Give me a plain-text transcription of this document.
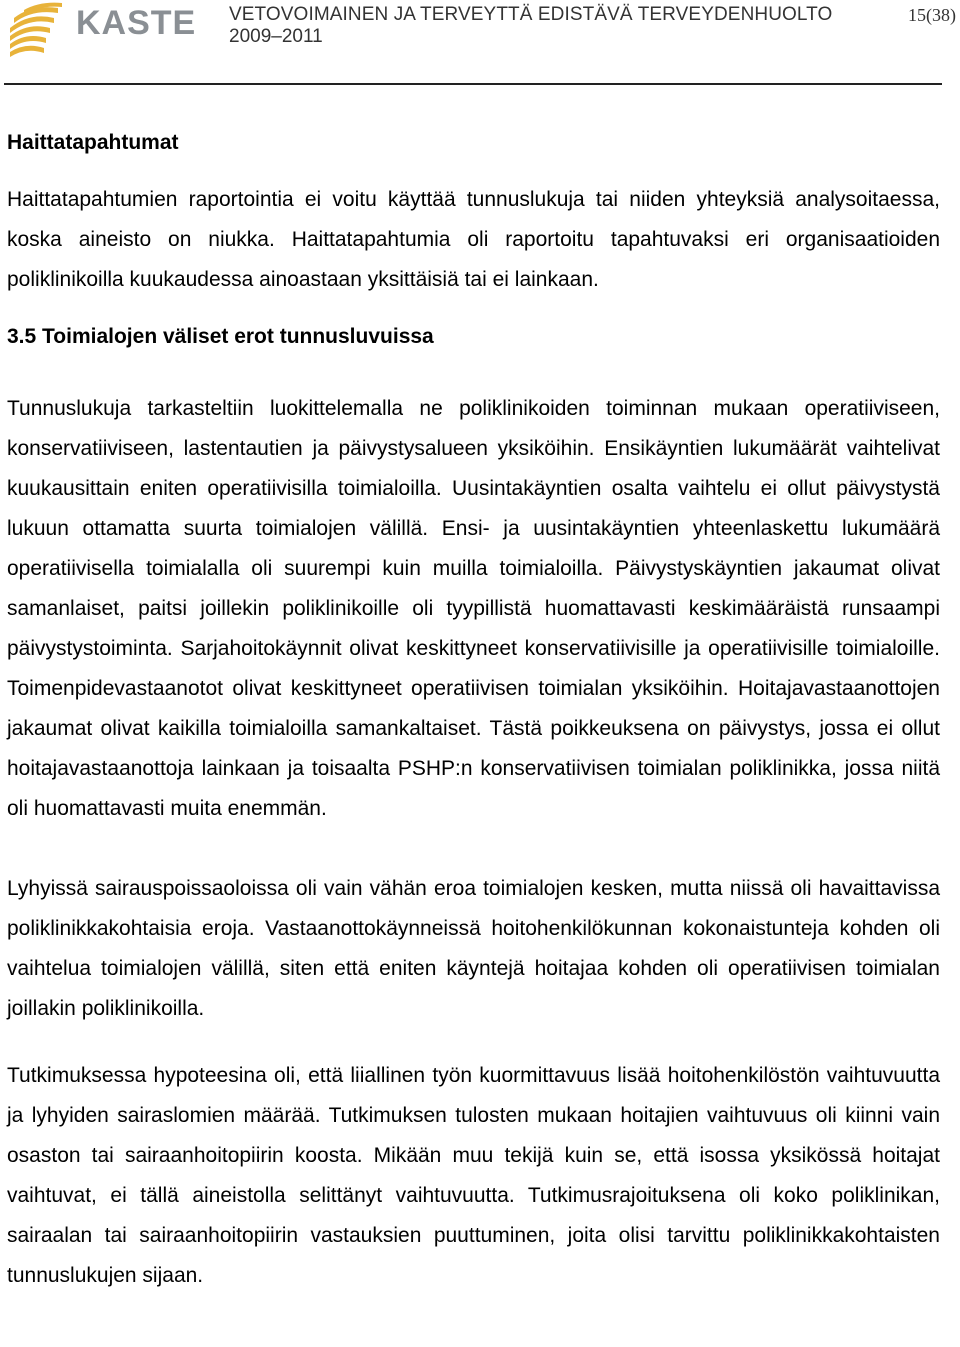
KASTE VETOVOIMAINEN JA TERVEYTTÄ EDISTÄVÄ TERVEYDENHUOLTO
2009–2011
15(38)
Haittatapahtumat

Haittatapahtumien raportointia ei voitu käyttää tunnuslukuja tai niiden yhteyksiä analysoitaessa, koska aineisto on niukka. Haittatapahtumia oli raportoitu tapahtuvaksi eri organisaatioiden poliklinikoilla kuukaudessa ainoastaan yksittäisiä tai ei lainkaan.

3.5 Toimialojen väliset erot tunnusluvuissa

Tunnuslukuja tarkasteltiin luokittelemalla ne poliklinikoiden toiminnan mukaan operatiiviseen, konservatiiviseen, lastentautien ja päivystysalueen yksiköihin. Ensikäyntien lukumäärät vaihtelivat kuukausittain eniten operatiivisilla toimialoilla. Uusintakäyntien osalta vaihtelu ei ollut päivystystä lukuun ottamatta suurta toimialojen välillä. Ensi- ja uusintakäyntien yhteenlaskettu lukumäärä operatiivisella toimialalla oli suurempi kuin muilla toimialoilla. Päivystyskäyntien jakaumat olivat samanlaiset, paitsi joillekin poliklinikoille oli tyypillistä huomattavasti keskimääräistä runsaampi päivystystoiminta. Sarjahoitokäynnit olivat keskittyneet konservatiivisille ja operatiivisille toimialoille. Toimenpidevastaanotot olivat keskittyneet operatiivisen toimialan yksiköihin. Hoitajavastaanottojen jakaumat olivat kaikilla toimialoilla samankaltaiset. Tästä poikkeuksena on päivystys, jossa ei ollut hoitajavastaanottoja lainkaan ja toisaalta PSHP:n konservatiivisen toimialan poliklinikka, jossa niitä oli huomattavasti muita enemmän.

Lyhyissä sairauspoissaoloissa oli vain vähän eroa toimialojen kesken, mutta niissä oli havaittavissa poliklinikkakohtaisia eroja. Vastaanottokäynneissä hoitohenkilökunnan kokonaistunteja kohden oli vaihtelua toimialojen välillä, siten että eniten käyntejä hoitajaa kohden oli operatiivisen toimialan joillakin poliklinikoilla.

Tutkimuksessa hypoteesina oli, että liiallinen työn kuormittavuus lisää hoitohenkilöstön vaihtuvuutta ja lyhyiden sairaslomien määrää. Tutkimuksen tulosten mukaan hoitajien vaihtuvuus oli kiinni vain osaston tai sairaanhoitopiirin koosta. Mikään muu tekijä kuin se, että isossa yksikössä hoitajat vaihtuvat, ei tällä aineistolla selittänyt vaihtuvuutta. Tutkimusrajoituksena oli koko poliklinikan, sairaalan tai sairaanhoitopiirin vastauksien puuttuminen, joita olisi tarvittu poliklinikkakohtaisten tunnuslukujen sijaan.
